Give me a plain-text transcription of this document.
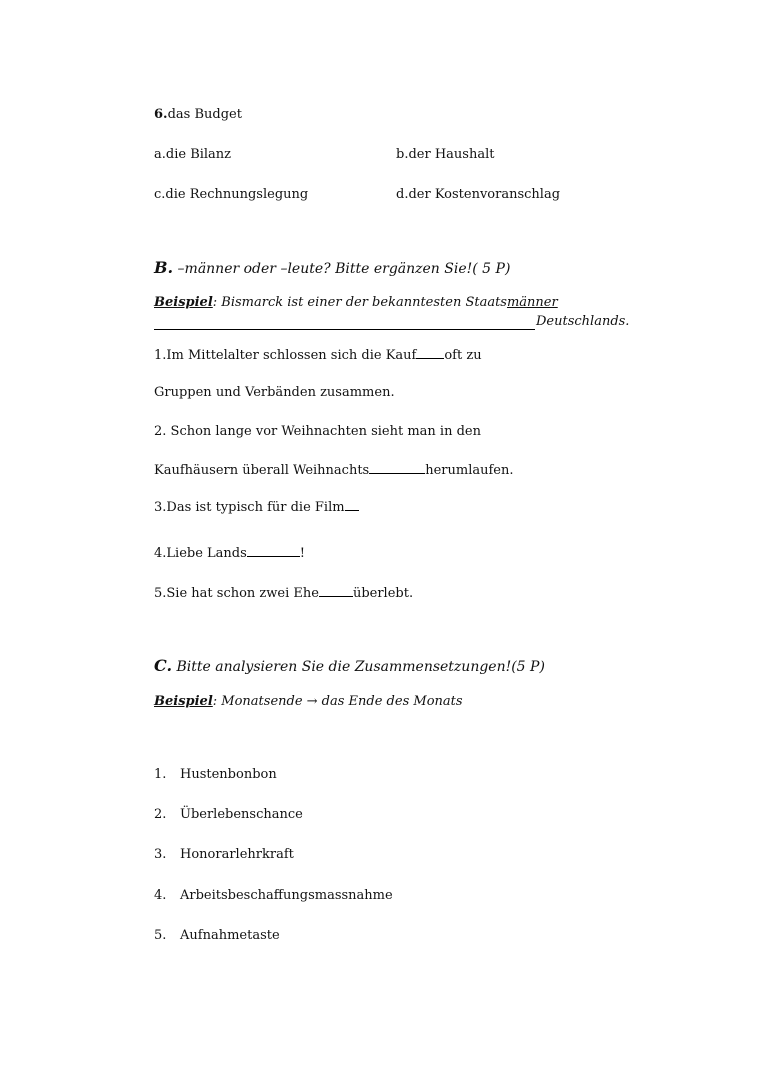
6.das Budget
a.die Bilanz	b.der Haushalt
c.die Rechnungslegung	d.der Kostenvoranschlag
B. –männer oder –leute? Bitte ergänzen Sie!( 5 P)
Beispiel: Bismarck ist einer der bekanntesten Staatsmänner
Deutschlands.
1.Im Mittelalter schlossen sich die Kauf oft zu
Gruppen und Verbänden zusammen.
2. Schon lange vor Weihnachten sieht man in den
Kaufhäusern überall Weihnachts	herumlaufen.
3.Das ist typisch für die Film
4.Liebe Lands	!
5.Sie hat schon zwei Ehe	überlebt.
C. Bitte analysieren Sie die Zusammensetzungen!(5 P)
Beispiel: Monatsende → das Ende des Monats
1. Hustenbonbon
2. Überlebenschance
3. Honorarlehrkraft
4. Arbeitsbeschaffungsmassnahme
5. Aufnahmetaste
